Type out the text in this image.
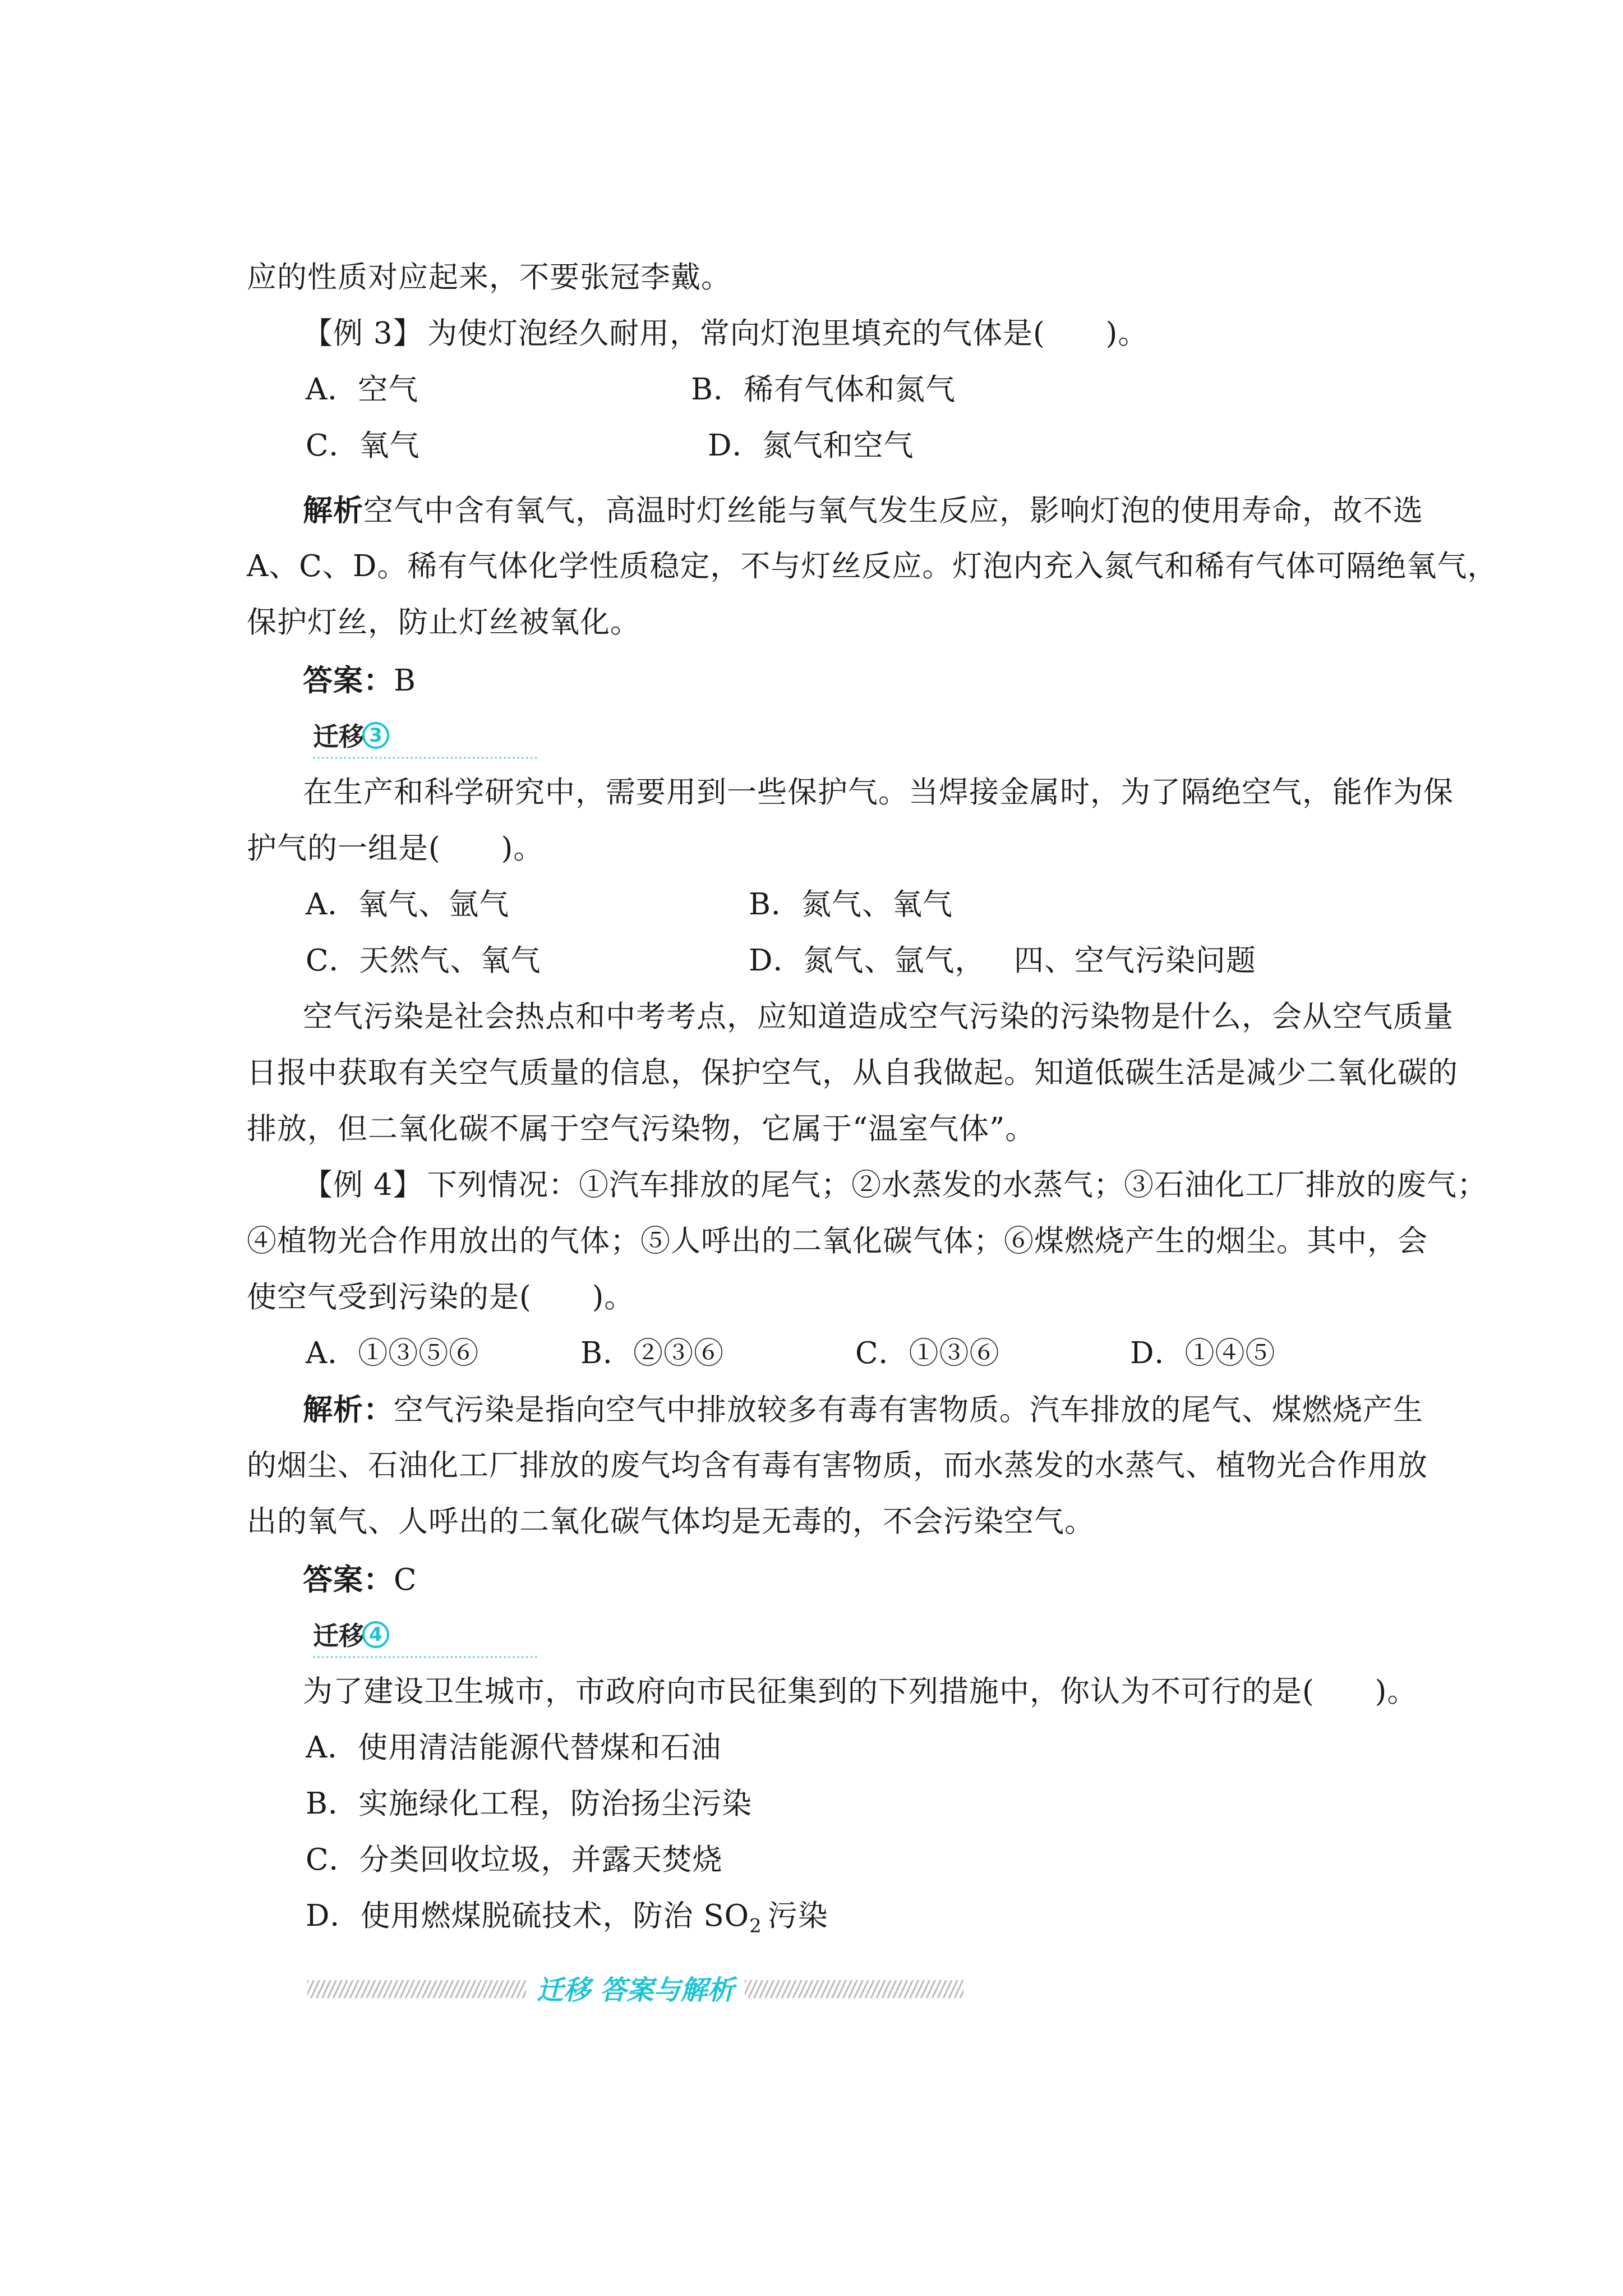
应的性质对应起来，不要张冠李戴。
【例 3】 为使灯泡经久耐用，常向灯泡里填充的气体是(　　)。
A．空气	B．稀有气体和氮气
C．氧气	D．氮气和空气
解析空气中含有氧气，高温时灯丝能与氧气发生反应，影响灯泡的使用寿命，故不选
A、C、D。稀有气体化学性质稳定，不与灯丝反应。灯泡内充入氮气和稀有气体可隔绝氧气，
保护灯丝，防止灯丝被氧化。
答案：B
迁移 3
在生产和科学研究中，需要用到一些保护气。当焊接金属时，为了隔绝空气，能作为保
护气的一组是(　　)。
A．氧气、氩气	B．氮气、氧气
C．天然气、氧气	D．氮气、氩气， 四、空气污染问题
空气污染是社会热点和中考考点，应知道造成空气污染的污染物是什么，会从空气质量
日报中获取有关空气质量的信息，保护空气，从自我做起。知道低碳生活是减少二氧化碳的
排放，但二氧化碳不属于空气污染物，它属于“温室气体”。
【例 4】 下列情况：①汽车排放的尾气；②水蒸发的水蒸气；③石油化工厂排放的废气；
④植物光合作用放出的气体；⑤人呼出的二氧化碳气体；⑥煤燃烧产生的烟尘。其中，会
使空气受到污染的是(　　)。
A．①③⑤⑥	B．②③⑥	C．①③⑥	D．①④⑤
解析：空气污染是指向空气中排放较多有毒有害物质。汽车排放的尾气、煤燃烧产生
的烟尘、石油化工厂排放的废气均含有毒有害物质，而水蒸发的水蒸气、植物光合作用放
出的氧气、人呼出的二氧化碳气体均是无毒的，不会污染空气。
答案：C
迁移 4
为了建设卫生城市，市政府向市民征集到的下列措施中，你认为不可行的是(　　)。
A．使用清洁能源代替煤和石油
B．实施绿化工程，防治扬尘污染
C．分类回收垃圾，并露天焚烧
D．使用燃煤脱硫技术，防治 $SO_2$ 污染
迁移 答案与解析
